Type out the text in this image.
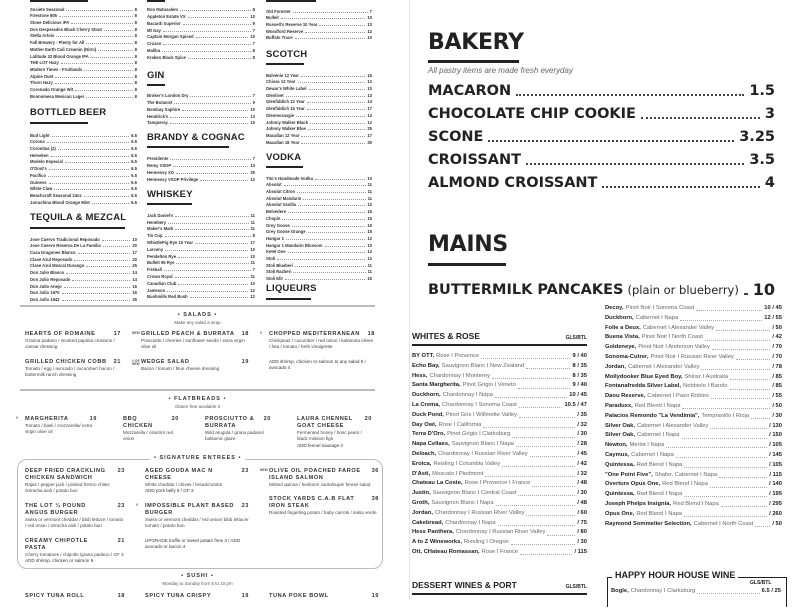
Societe Seasonal	8
Firestone 805	8
Stone Delicious IPA	8
Dos Desperados Black Cherry Stout	8
Stella Artois	8
Fall Brewery - Plenty for All	8
Mother Earth Cali Creamin (Nitro)	8
Latitude 33 Blood Orange IPA	8
THE LOT Hazy	8
Modern Times - Fruitlands	8
Alpine Duet	8
Thorn Hazy	8
Coronado Orange Wit	8
Bonnomesa Mexican Lager	8
BOTTLED BEER
Bud Light	6.5
Corona	6.5
Coronitas (2)	6.5
Heineken	6.5
Modelo Especial	6.5
O'Doul's	6.5
Pacifico	6.5
Guiness	6.5
White Claw	6.5
Beachcraft Seasonal 24oz	6.5
Jarrashina Blood Orange Mint	6.5
TEQUILA & MEZCAL
Jose Cuervo Tradicional Reposado	10
Jose Cuervo Reserva De La Familia	20
Casa Dragones Blanco	17
Clase Azul Reposado	20
Clase Azul Mezcal Durango	25
Don Julio Blanco	14
Don Julio Reposado	14
Don Julio Anejo	16
Don Julio 1970	16
Don Julio 1942	25
Ron Matusalem	8
Appleton Estate VX	10
Bacardi Superior	9
Mt Gay	7
Captain Morgan Spiced	10
Cruzan	7
Malibu	8
Kraken Black Spice	8
GIN
Broker's London Dry	7
The Botanist	9
Bombay Saphire	10
Hendrick's	13
Tanqueray	10
BRANDY & COGNAC
Presidente	7
Remy VSOP	13
Hennessy XO	25
Hennessy VSOP Privilege	12
WHISKEY
Jack Daniel's	11
Henebery	11
Maker's Mark	11
Tin Cup	8
WhistlePig Rye 10 Year	17
Larceny	10
Pendelton Rye	10
Bulleit 95 Rye	11
Fireball	7
Crown Royal	11
Canadian Club	10
Jameson	12
Bushmills Red Bush	12
Old Forester	7
Bulleit	10
Russell's Reserve 10 Year	13
Woodford Reserve	12
Buffalo Trace	10
SCOTCH
Balvenie 12 Year	15
Chivas 12 Year	12
Dewar's White Label	10
Glenlivet	13
Glenfiddich 12 Year	14
Glenfiddich 15 Year	17
Glenmorangie	13
Johnny Walker Black	12
Johnny Walker Blue	25
Macallan 12 Year	17
Macallan 18 Year	30
VODKA
Tito's Handmade Vodka	10
Absolut	11
Absolut Citron	11
Absolut Mandarin	11
Absolut Vanilla	12
Belvedere	15
Chopin	15
Grey Goose	15
Grey Goose Orange	15
Hangar 1	12
Hangar 1 Mandarin Blossom	10
Ketel One	12
Stoli	12
Stoli Blueberi	11
Stoli Razberi	11
Stoli Elit	15
LIQUEURS
• SALADS •
Make any salad a wrap
HEARTS OF ROMAINE	17
Granna padano / smoked paprika croutons / caesar dressing
GRILLED CHICKEN COBB	21
Tomato / egg / avocado / cucumber/ bacon / buttermilk ranch dressing
NEW GRILLED PEACH & BURRATA	18
Prosciutto / cherries / sunflower seeds / extra virgin olive oil
V GF NEW WEDGE SALAD	19
Bacon / tomato / blue cheese dressing
V	CHOPPED MEDITERRANEAN	18
Chickpeas / cucumber / red onion / kalamata olives / feta / tomato / herb vinaigrette
ADD shrimp, chicken or salmon to any salad 9 / avocado 4
• FLATBREADS •
Gluten free available 3
V	MARGHERITA	19
Tomato / basil / mozzarella/ extra virgin olive oil
BBQ CHICKEN
20
Mozzarella / cilantro/ red onion
PROSCIUTTO & BURRATA
20
Wild arugula / grana padano/ balsamic glaze
LAURA CHENNEL GOAT CHEESE
20
Fermented honey / bosc pears / black mission figs
ADD fennel sausage 3
• SIGNATURE ENTREES •
DEEP FRIED CRACKLING CHICKEN SANDWICH
23
Rajas / pepper jack / pickled fresno chiles /sriracha aioli / potato bun
THE LOT ¼ POUND ANGUS BURGER
23
Swiss or vermont cheddar / bibb lettuce / tomato / red onion / sriracha aioli / potato bun
CREAMY CHIPOTLE PASTA
21
Cherry tomatoes / chipotle /grana padano / GF 3
ADD shrimp, chicken or salmon 9
AGED GOUDA MAC N CHEESE
23
White cheddar / chives / breadcrumbs
ADD pork belly 5 / GF 3
V	IMPOSSIBLE PLANT BASED BURGER
23
Swiss or vermont cheddar / red onion/ bibb lettuce/ tomato / potato bun
UPGRADE truffle or sweet potato fries 3 / ADD avocado or bacon 4
NEW OLIVE OIL POACHED FAROE ISLAND SALMON
36
Minted quinoa / heirloom cantaloupe/ fennel salad
STOCK YARDS C.A.B FLAT IRON STEAK
38
Roasted fingerling potato / baby carrots / salsa verde
• SUSHI •
Monday to Sunday from 5 to 10 pm
SPICY TUNA ROLL	18	SPICY TUNA CRISPY	19	TUNA POKE BOWL	19
BAKERY
All pastry items are made fresh everyday
MACARON	1.5
CHOCOLATE CHIP COOKIE	3
SCONE	3.25
CROISSANT	3.5
ALMOND CROISSANT	4
MAINS
BUTTERMILK PANCAKES (plain or blueberry) 10
WHITES & ROSE	GLS/BTL
BY OTT, Rose I Provence	9 / 40
Echo Bay, Sauvignon Blanc I New Zealand	8 / 35
Hess, Chardonnay I Monterey	8 / 35
Santa Margherita, Pinot Grigio I Veneto	9 / 40
Duckhorn, Chardonnay I Napa	10 / 45
La Crema, Chardonnay I Sonoma Coast	10.5 / 47
Duck Pond, Pinot Gris I Willmette Valley	/ 35
Day Owl, Rose I California	/ 32
Terra D'Oro, Pinot Grigio I Clarksburg	/ 30
Napa Cellaes, Sauvignon Blanc I Napa	/ 28
Deloach, Chardonnay I Russian River Valley	/ 45
Eroica, Reisling I Columbia Valley	/ 42
D'Asti, Moscato I Piedmont	/ 32
Chateau La Coste, Rose I Provence I France	/ 48
Justin, Sauvignon Blanc I Central Coast	/ 30
Groth, Sauvignon Blanc I Napa	/ 48
Jordan, Chardonnay I Russian River Valley	/ 60
Cakebread, Chardonnay I Napa	/ 75
Hess Panthera, Chardonnay I Russian River Valley	/ 80
A to Z Wineworks, Riesling I Oregon	/ 30
Ott, CHateau Romassan, Rose I France	/ 115
DESSERT WINES & PORT	GLS/BTL
Decoy, Pinot Noir I Sonoma Coast	10 / 45
Duckhorn, Cabernet I Napa	12 / 55
Folie a Deux, Cabernet I Alexander Valley	/ 50
Buena Vista, Pinot Noir I North Coast	/ 42
Goldeneye, Pinot Noir I Anderson Valley	/ 70
Sonoma-Cutrer, Pinot Noir I Russian River Valley	/ 70
Jordan, Cabernet I Alexander Valley	/ 78
Mollydooker Blue Eyed Boy, Shiraz I Australia	/ 85
Fontanafredda Silver Label, Nebbiolo I Barolo	/ 85
Daou Reserve, Cabernet I Paso Robles	/ 55
Paraduxx, Red Blend I Napa	/ 50
Palacios Remondo "La Vendimia", Tempranillo I Rioja	/ 30
Silver Oak, Cabernet I Alexander Valley	/ 130
Silver Oak, Cabernet I Napa	/ 150
Newton, Merlot I Napa	/ 105
Caymus, Cabernet I Napa	/ 145
Quintessa, Red Blend I Napa	/ 105
"One Point Five", Shafer, Cabernet I Napa	/ 115
Overture Opus One, Red Blend I Napa	/ 140
Quintessa, Red Blend I Napa	/ 195
Joseph Phelps Insignia, Red Blend I Napa	/ 295
Opus One, Red Blend I Napa	/ 260
Raymond Sommelier Selection, Cabernet I North Coast	/ 50
HAPPY HOUR HOUSE WINE
GLS/BTL
Bogle, Chardonnay I Clarksburg	6.5 / 25
